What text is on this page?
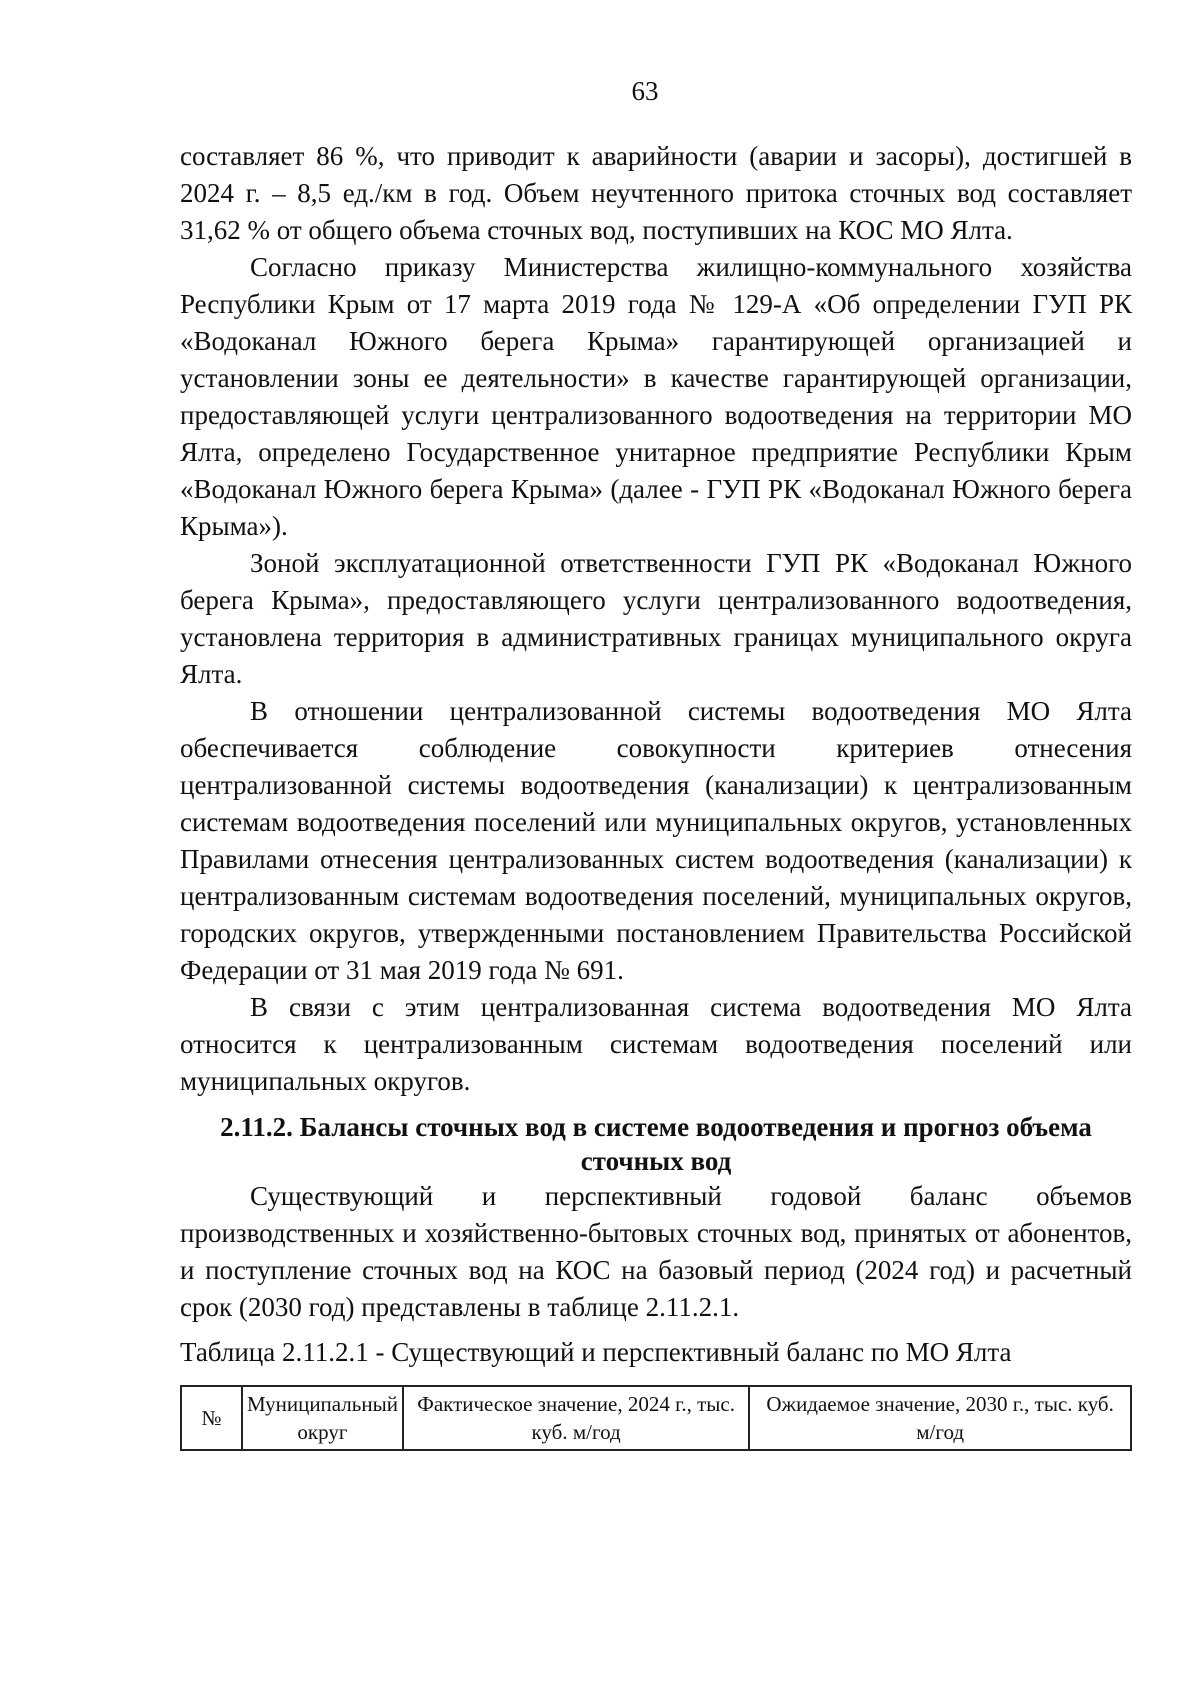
63

составляет 86 %, что приводит к аварийности (аварии и засоры), достигшей в 2024 г. – 8,5 ед./км в год. Объем неучтенного притока сточных вод составляет 31,62 % от общего объема сточных вод, поступивших на КОС МО Ялта.

Согласно приказу Министерства жилищно-коммунального хозяйства Республики Крым от 17 марта 2019 года № 129-А «Об определении ГУП РК «Водоканал Южного берега Крыма» гарантирующей организацией и установлении зоны ее деятельности» в качестве гарантирующей организации, предоставляющей услуги централизованного водоотведения на территории МО Ялта, определено Государственное унитарное предприятие Республики Крым «Водоканал Южного берега Крыма» (далее - ГУП РК «Водоканал Южного берега Крыма»).

Зоной эксплуатационной ответственности ГУП РК «Водоканал Южного берега Крыма», предоставляющего услуги централизованного водоотведения, установлена территория в административных границах муниципального округа Ялта.

В отношении централизованной системы водоотведения МО Ялта обеспечивается соблюдение совокупности критериев отнесения централизованной системы водоотведения (канализации) к централизованным системам водоотведения поселений или муниципальных округов, установленных Правилами отнесения централизованных систем водоотведения (канализации) к централизованным системам водоотведения поселений, муниципальных округов, городских округов, утвержденными постановлением Правительства Российской Федерации от 31 мая 2019 года № 691.

В связи с этим централизованная система водоотведения МО Ялта относится к централизованным системам водоотведения поселений или муниципальных округов.

2.11.2. Балансы сточных вод в системе водоотведения и прогноз объема сточных вод

Существующий и перспективный годовой баланс объемов производственных и хозяйственно-бытовых сточных вод, принятых от абонентов, и поступление сточных вод на КОС на базовый период (2024 год) и расчетный срок (2030 год) представлены в таблице 2.11.2.1.

Таблица 2.11.2.1 - Существующий и перспективный баланс по МО Ялта

№	Муниципальный округ	Фактическое значение, 2024 г., тыс. куб. м/год	Ожидаемое значение, 2030 г., тыс. куб. м/год
